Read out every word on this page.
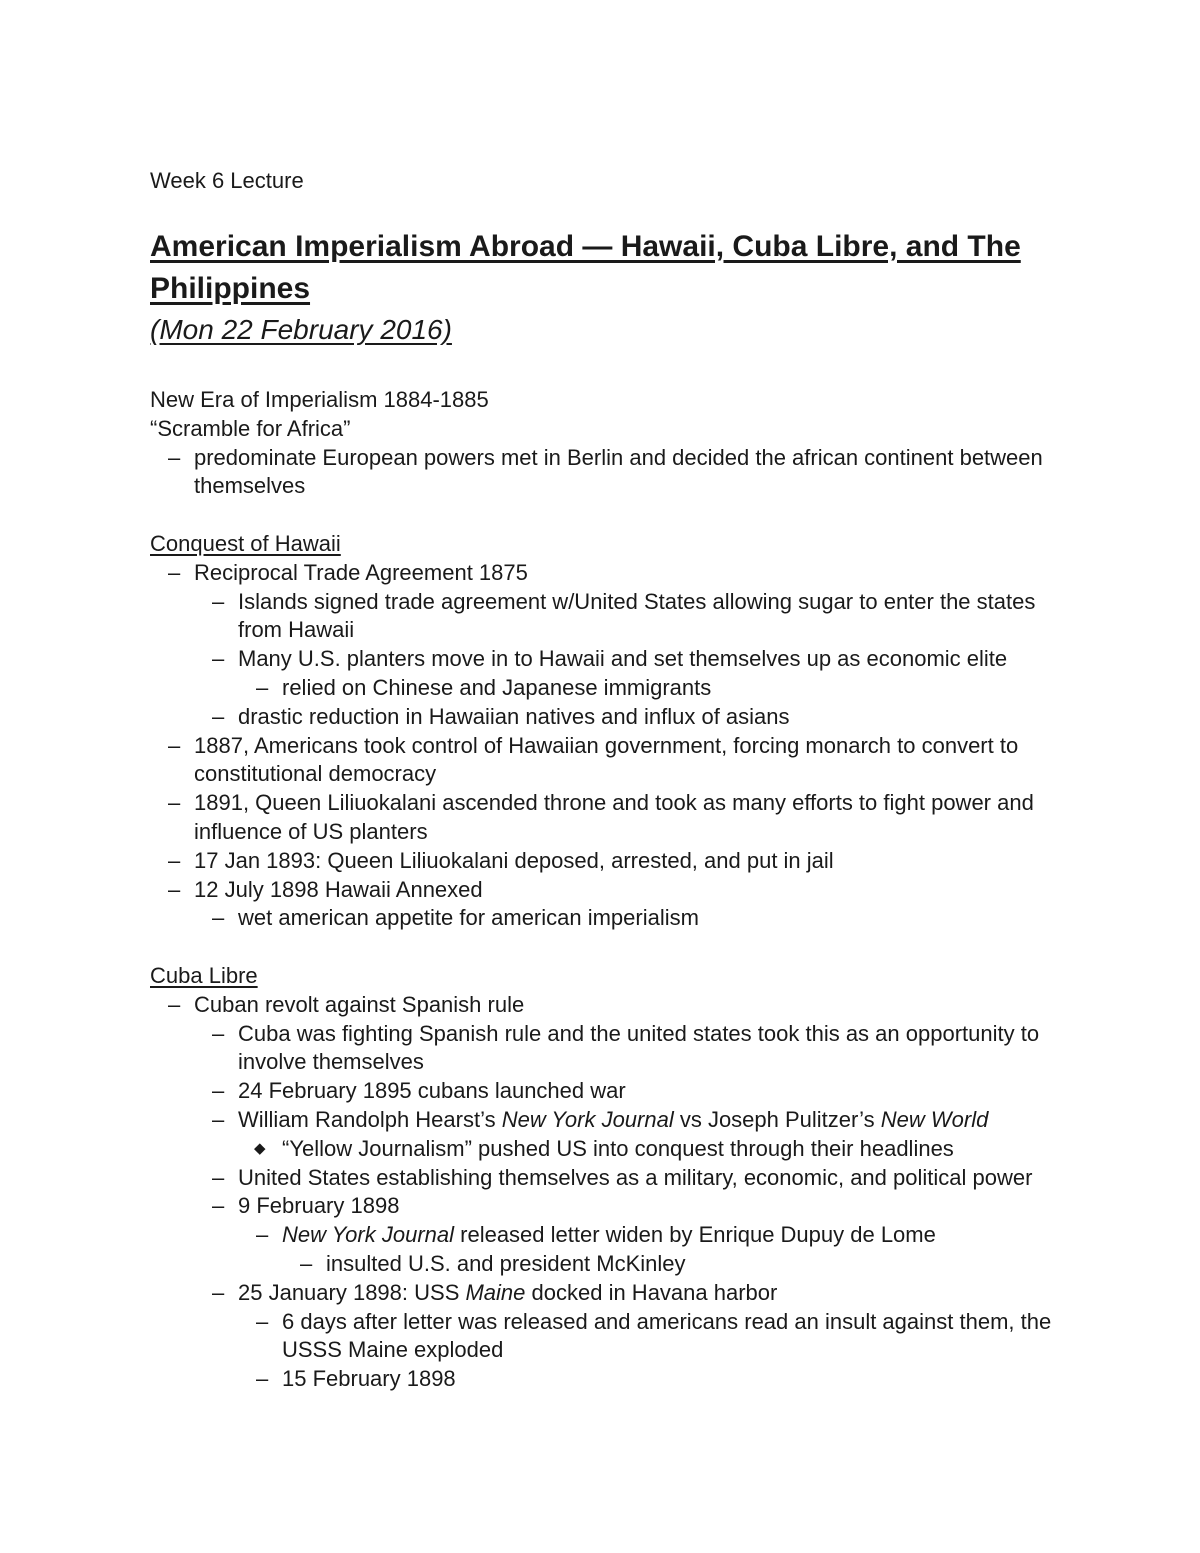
Week 6 Lecture

American Imperialism Abroad — Hawaii, Cuba Libre, and The Philippines

(Mon 22 February 2016)

New Era of Imperialism 1884-1885

“Scramble for Africa”

– predominate European powers met in Berlin and decided the african continent between themselves

Conquest of Hawaii

– Reciprocal Trade Agreement 1875
– Islands signed trade agreement w/United States allowing sugar to enter the states from Hawaii
– Many U.S. planters move in to Hawaii and set themselves up as economic elite
– relied on Chinese and Japanese immigrants
– drastic reduction in Hawaiian natives and influx of asians
– 1887, Americans took control of Hawaiian government, forcing monarch to convert to constitutional democracy
– 1891, Queen Liliuokalani ascended throne and took as many efforts to fight power and influence of US planters
– 17 Jan 1893: Queen Liliuokalani deposed, arrested, and put in jail
– 12 July 1898 Hawaii Annexed
– wet american appetite for american imperialism

Cuba Libre

– Cuban revolt against Spanish rule
– Cuba was fighting Spanish rule and the united states took this as an opportunity to involve themselves
– 24 February 1895 cubans launched war
– William Randolph Hearst’s New York Journal vs Joseph Pulitzer’s New World
◆ “Yellow Journalism” pushed US into conquest through their headlines
– United States establishing themselves as a military, economic, and political power
– 9 February 1898
– New York Journal released letter widen by Enrique Dupuy de Lome
– insulted U.S. and president McKinley
– 25 January 1898: USS Maine docked in Havana harbor
– 6 days after letter was released and americans read an insult against them, the USSS Maine exploded
– 15 February 1898
